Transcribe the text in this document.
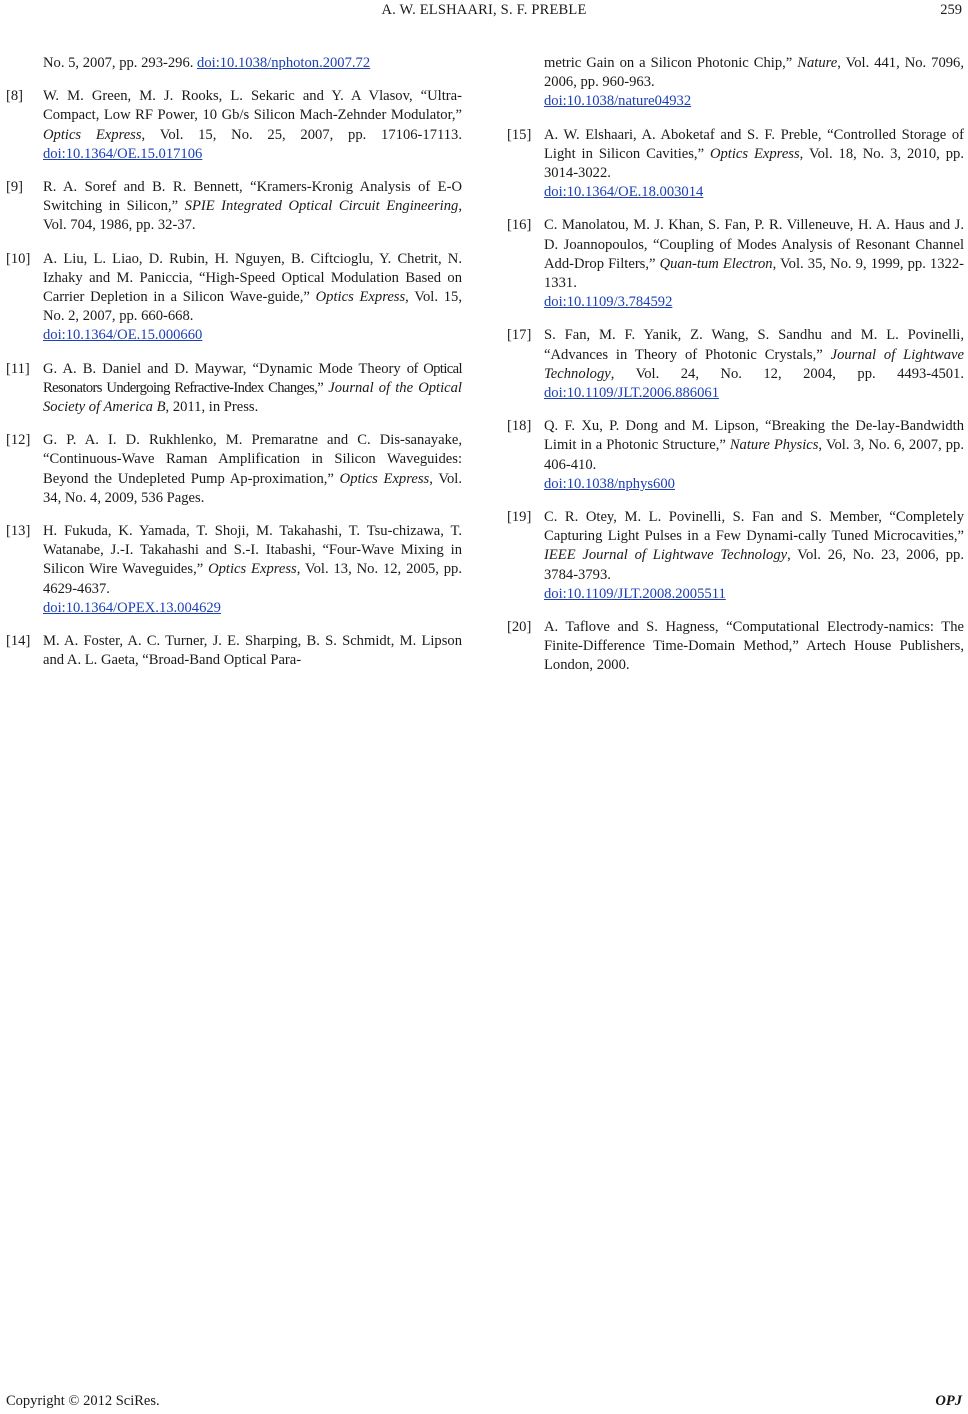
A. W. ELSHAARI, S. F. PREBLE	259
No. 5, 2007, pp. 293-296. doi:10.1038/nphoton.2007.72
[8] W. M. Green, M. J. Rooks, L. Sekaric and Y. A Vlasov, “Ultra-Compact, Low RF Power, 10 Gb/s Silicon Mach-Zehnder Modulator,” Optics Express, Vol. 15, No. 25, 2007, pp. 17106-17113. doi:10.1364/OE.15.017106
[9] R. A. Soref and B. R. Bennett, “Kramers-Kronig Analysis of E-O Switching in Silicon,” SPIE Integrated Optical Circuit Engineering, Vol. 704, 1986, pp. 32-37.
[10] A. Liu, L. Liao, D. Rubin, H. Nguyen, B. Ciftcioglu, Y. Chetrit, N. Izhaky and M. Paniccia, “High-Speed Optical Modulation Based on Carrier Depletion in a Silicon Wave-guide,” Optics Express, Vol. 15, No. 2, 2007, pp. 660-668.
doi:10.1364/OE.15.000660
[11] G. A. B. Daniel and D. Maywar, “Dynamic Mode Theory of Optical Resonators Undergoing Refractive-Index Changes,” Journal of the Optical Society of America B, 2011, in Press.
[12] G. P. A. I. D. Rukhlenko, M. Premaratne and C. Dis-sanayake, “Continuous-Wave Raman Amplification in Silicon Waveguides: Beyond the Undepleted Pump Ap-proximation,” Optics Express, Vol. 34, No. 4, 2009, 536 Pages.
[13] H. Fukuda, K. Yamada, T. Shoji, M. Takahashi, T. Tsu-chizawa, T. Watanabe, J.-I. Takahashi and S.-I. Itabashi, “Four-Wave Mixing in Silicon Wire Waveguides,” Optics Express, Vol. 13, No. 12, 2005, pp. 4629-4637.
doi:10.1364/OPEX.13.004629
[14] M. A. Foster, A. C. Turner, J. E. Sharping, B. S. Schmidt, M. Lipson and A. L. Gaeta, “Broad-Band Optical Para-
metric Gain on a Silicon Photonic Chip,” Nature, Vol. 441, No. 7096, 2006, pp. 960-963.
doi:10.1038/nature04932
[15] A. W. Elshaari, A. Aboketaf and S. F. Preble, “Controlled Storage of Light in Silicon Cavities,” Optics Express, Vol. 18, No. 3, 2010, pp. 3014-3022.
doi:10.1364/OE.18.003014
[16] C. Manolatou, M. J. Khan, S. Fan, P. R. Villeneuve, H. A. Haus and J. D. Joannopoulos, “Coupling of Modes Analysis of Resonant Channel Add-Drop Filters,” Quan-tum Electron, Vol. 35, No. 9, 1999, pp. 1322-1331.
doi:10.1109/3.784592
[17] S. Fan, M. F. Yanik, Z. Wang, S. Sandhu and M. L. Povinelli, “Advances in Theory of Photonic Crystals,” Journal of Lightwave Technology, Vol. 24, No. 12, 2004, pp. 4493-4501. doi:10.1109/JLT.2006.886061
[18] Q. F. Xu, P. Dong and M. Lipson, “Breaking the De-lay-Bandwidth Limit in a Photonic Structure,” Nature Physics, Vol. 3, No. 6, 2007, pp. 406-410.
doi:10.1038/nphys600
[19] C. R. Otey, M. L. Povinelli, S. Fan and S. Member, “Completely Capturing Light Pulses in a Few Dynami-cally Tuned Microcavities,” IEEE Journal of Lightwave Technology, Vol. 26, No. 23, 2006, pp. 3784-3793.
doi:10.1109/JLT.2008.2005511
[20] A. Taflove and S. Hagness, “Computational Electrody-namics: The Finite-Difference Time-Domain Method,” Artech House Publishers, London, 2000.
Copyright © 2012 SciRes.	OPJ
